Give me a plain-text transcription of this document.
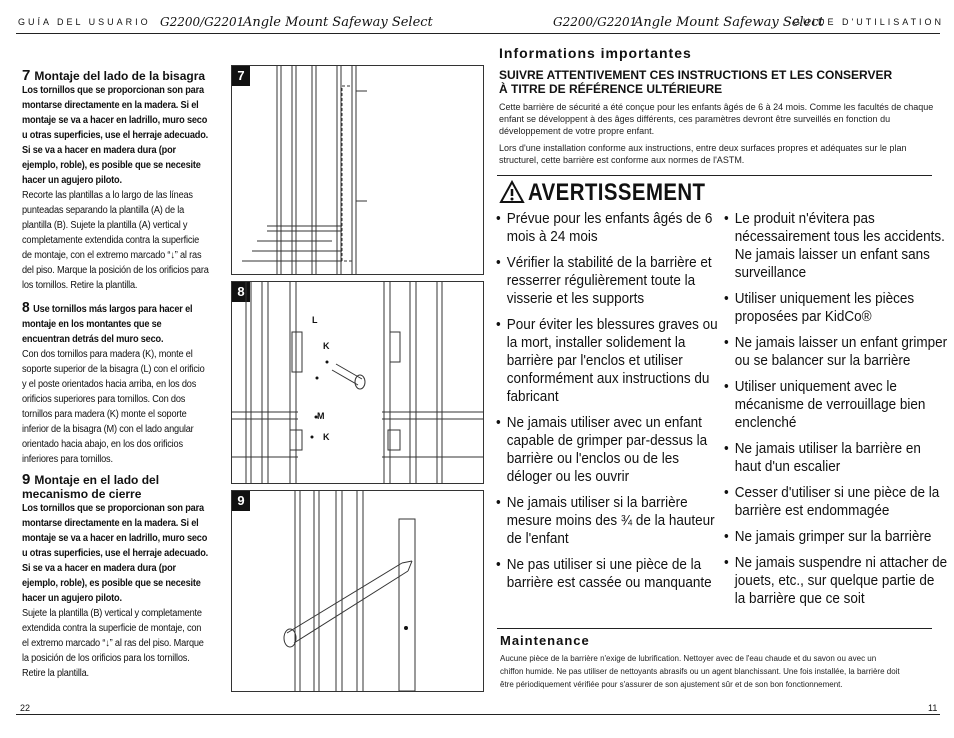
GUÍA DEL USUARIO G2200/G2201
Angle Mount Safeway Select	G2200/G2201
Angle Mount Safeway Select
GUIDE D'UTILISATION
7 Montaje del lado de la bisagra
Los tornillos que se proporcionan son para montarse directamente en la madera. Si el montaje se va a hacer en ladrillo, muro seco u otras superficies, use el herraje adecuado. Si se va a hacer en madera dura (por ejemplo, roble), es posible que se necesite hacer un agujero piloto.
Recorte las plantillas a lo largo de las líneas punteadas separando la plantilla (A) de la plantilla (B). Sujete la plantilla (A) vertical y completamente extendida contra la superficie de montaje, con el extremo marcado “↓” al ras del piso. Marque la posición de los orificios para los tornillos. Retire la plantilla.
8 Use tornillos más largos para hacer el montaje en los montantes que se encuentran detrás del muro seco.
Con dos tornillos para madera (K), monte el soporte superior de la bisagra (L) con el orificio y el poste orientados hacia arriba, en los dos orificios superiores para tornillos. Con dos tornillos para madera (K) monte el soporte inferior de la bisagra (M) con el lado angular orientado hacia abajo, en los dos orificios inferiores para tornillos.
9 Montaje en el lado del mecanismo de cierre
Los tornillos que se proporcionan son para montarse directamente en la madera. Si el montaje se va a hacer en ladrillo, muro seco u otras superficies, use el herraje adecuado. Si se va a hacer en madera dura (por ejemplo, roble), es posible que se necesite hacer un agujero piloto.
Sujete la plantilla (B) vertical y completamente extendida contra la superficie de montaje, con el extremo marcado “↓” al ras del piso. Marque la posición de los orificios para los tornillos. Retire la plantilla.
7
8
L
K
M
K
9
Informations importantes
SUIVRE ATTENTIVEMENT CES INSTRUCTIONS ET LES CONSERVER À TITRE DE RÉFÉRENCE ULTÉRIEURE
Cette barrière de sécurité a été conçue pour les enfants âgés de 6 à 24 mois. Comme les facultés de chaque enfant se développent à des âges différents, ces paramètres devront être surveillés en fonction du développement de votre propre enfant.
Lors d'une installation conforme aux instructions, entre deux surfaces propres et adéquates sur le plan structurel, cette barrière est conforme aux normes de l'ASTM.
AVERTISSEMENT
• Prévue pour les enfants âgés de 6 mois à 24 mois
• Vérifier la stabilité de la barrière et resserrer régulièrement toute la visserie et les supports
• Pour éviter les blessures graves ou la mort, installer solidement la barrière par l'enclos et utiliser conformément aux instructions du fabricant
• Ne jamais utiliser avec un enfant capable de grimper par-dessus la barrière ou l'enclos ou de les déloger ou les ouvrir
• Ne jamais utiliser si la barrière mesure moins des ¾ de la hauteur de l'enfant
• Ne pas utiliser si une pièce de la barrière est cassée ou manquante
• Le produit n'évitera pas nécessairement tous les accidents. Ne jamais laisser un enfant sans surveillance
• Utiliser uniquement les pièces proposées par KidCo®
• Ne jamais laisser un enfant grimper ou se balancer sur la barrière
• Utiliser uniquement avec le mécanisme de verrouillage bien enclenché
• Ne jamais utiliser la barrière en haut d'un escalier
• Cesser d'utiliser si une pièce de la barrière est endommagée
• Ne jamais grimper sur la barrière
• Ne jamais suspendre ni attacher de jouets, etc., sur quelque partie de la barrière que ce soit
Maintenance
Aucune pièce de la barrière n'exige de lubrification. Nettoyer avec de l'eau chaude et du savon ou avec un chiffon humide. Ne pas utiliser de nettoyants abrasifs ou un agent blanchissant. Une fois installée, la barrière doit être périodiquement vérifiée pour s'assurer de son ajustement sûr et de son bon fonctionnement.
22	11
